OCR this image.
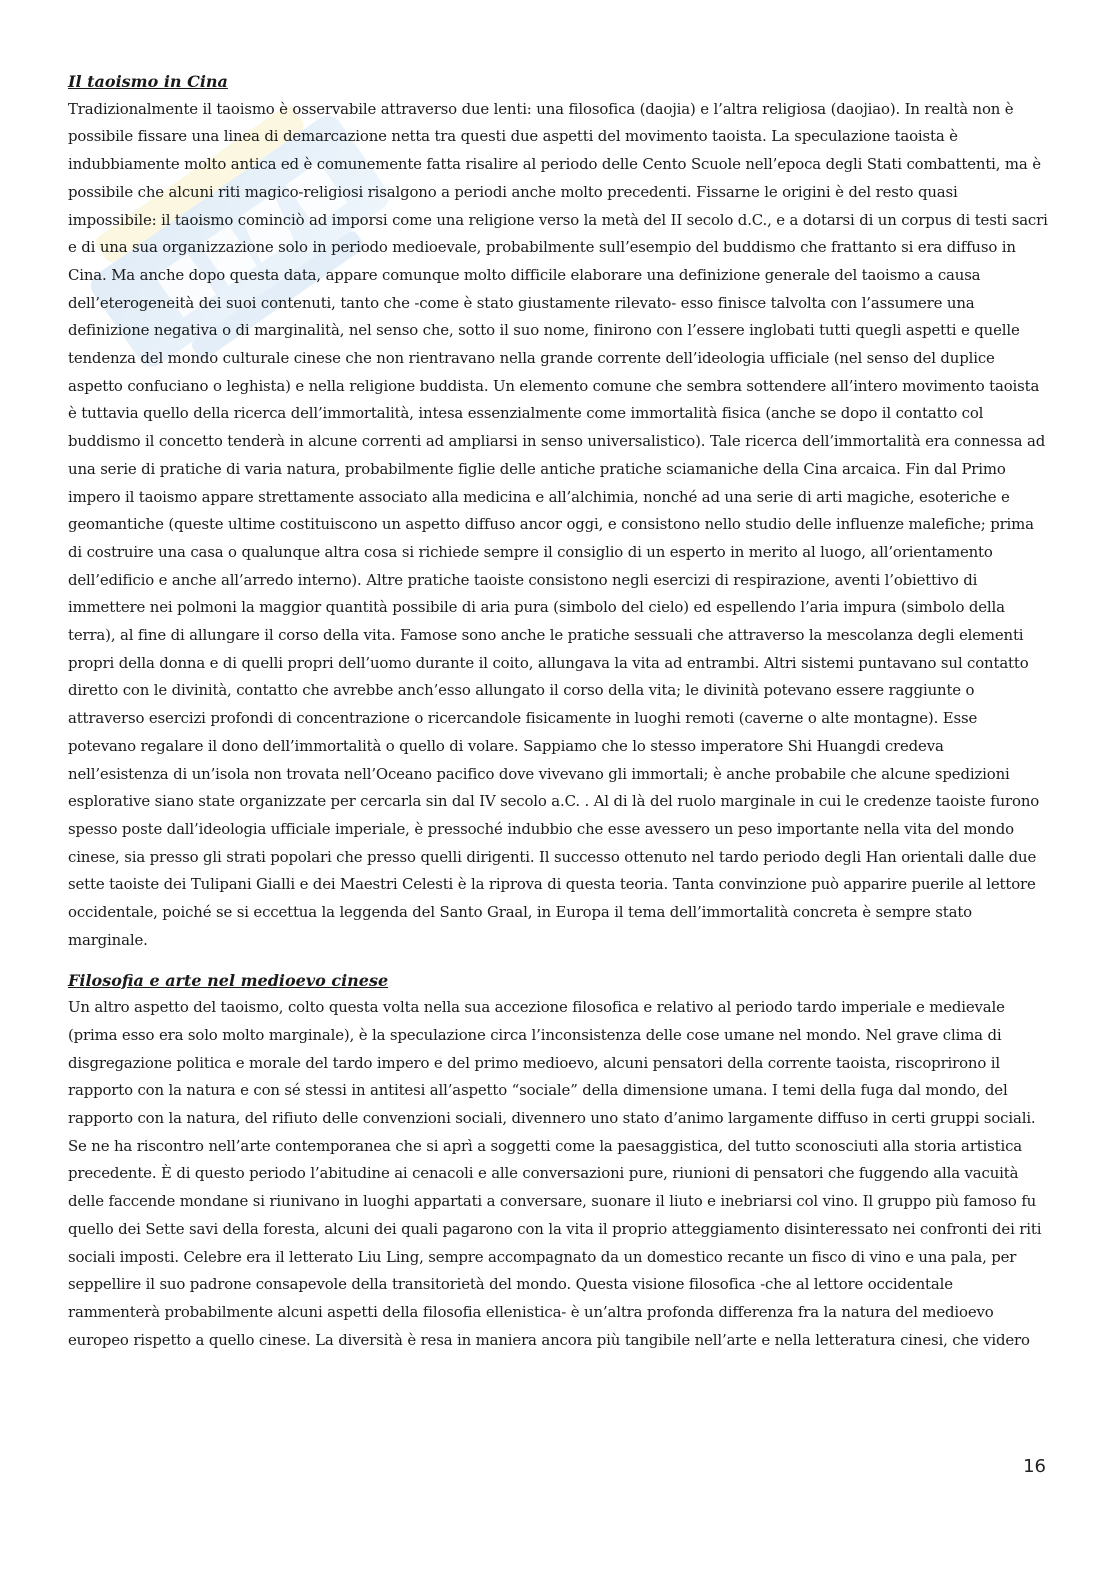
Il taoismo in Cina

Tradizionalmente il taoismo è osservabile attraverso due lenti: una filosofica (daojia) e l’altra religiosa (daojiao). In realtà non è possibile fissare una linea di demarcazione netta tra questi due aspetti del movimento taoista. La speculazione taoista è indubbiamente molto antica ed è comunemente fatta risalire al periodo delle Cento Scuole nell’epoca degli Stati combattenti, ma è possibile che alcuni riti magico-religiosi risalgono a periodi anche molto precedenti. Fissarne le origini è del resto quasi impossibile: il taoismo cominciò ad imporsi come una religione verso la metà del II secolo d.C., e a dotarsi di un corpus di testi sacri e di una sua organizzazione solo in periodo medioevale, probabilmente sull’esempio del buddismo che frattanto si era diffuso in Cina. Ma anche dopo questa data, appare comunque molto difficile elaborare una definizione generale del taoismo a causa dell’eterogeneità dei suoi contenuti, tanto che -come è stato giustamente rilevato- esso finisce talvolta con l’assumere una definizione negativa o di marginalità, nel senso che, sotto il suo nome, finirono con l’essere inglobati tutti quegli aspetti e quelle tendenza del mondo culturale cinese che non rientravano nella grande corrente dell’ideologia ufficiale (nel senso del duplice aspetto confuciano o leghista) e nella religione buddista. Un elemento comune che sembra sottendere all’intero movimento taoista è tuttavia quello della ricerca dell’immortalità, intesa essenzialmente come immortalità fisica (anche se dopo il contatto col buddismo il concetto tenderà in alcune correnti ad ampliarsi in senso universalistico). Tale ricerca dell’immortalità era connessa ad una serie di pratiche di varia natura, probabilmente figlie delle antiche pratiche sciamaniche della Cina arcaica. Fin dal Primo impero il taoismo appare strettamente associato alla medicina e all’alchimia, nonché ad una serie di arti magiche, esoteriche e geomantiche (queste ultime costituiscono un aspetto diffuso ancor oggi, e consistono nello studio delle influenze malefiche; prima di costruire una casa o qualunque altra cosa si richiede sempre il consiglio di un esperto in merito al luogo, all’orientamento dell’edificio e anche all’arredo interno). Altre pratiche taoiste consistono negli esercizi di respirazione, aventi l’obiettivo di immettere nei polmoni la maggior quantità possibile di aria pura (simbolo del cielo) ed espellendo l’aria impura (simbolo della terra), al fine di allungare il corso della vita. Famose sono anche le pratiche sessuali che attraverso la mescolanza degli elementi propri della donna e di quelli propri dell’uomo durante il coito, allungava la vita ad entrambi. Altri sistemi puntavano sul contatto diretto con le divinità, contatto che avrebbe anch’esso allungato il corso della vita; le divinità potevano essere raggiunte o attraverso esercizi profondi di concentrazione o ricercandole fisicamente in luoghi remoti (caverne o alte montagne). Esse potevano regalare il dono dell’immortalità o quello di volare. Sappiamo che lo stesso imperatore Shi Huangdi credeva nell’esistenza di un’isola non trovata nell’Oceano pacifico dove vivevano gli immortali; è anche probabile che alcune spedizioni esplorative siano state organizzate per cercarla sin dal IV secolo a.C. . Al di là del ruolo marginale in cui le credenze taoiste furono spesso poste dall’ideologia ufficiale imperiale, è pressoché indubbio che esse avessero un peso importante nella vita del mondo cinese, sia presso gli strati popolari che presso quelli dirigenti. Il successo ottenuto nel tardo periodo degli Han orientali dalle due sette taoiste dei Tulipani Gialli e dei Maestri Celesti è la riprova di questa teoria. Tanta convinzione può apparire puerile al lettore occidentale, poiché se si eccettua la leggenda del Santo Graal, in Europa il tema dell’immortalità concreta è sempre stato marginale.

Filosofia e arte nel medioevo cinese

Un altro aspetto del taoismo, colto questa volta nella sua accezione filosofica e relativo al periodo tardo imperiale e medievale (prima esso era solo molto marginale), è la speculazione circa l’inconsistenza delle cose umane nel mondo. Nel grave clima di disgregazione politica e morale del tardo impero e del primo medioevo, alcuni pensatori della corrente taoista, riscoprirono il rapporto con la natura e con sé stessi in antitesi all’aspetto “sociale” della dimensione umana. I temi della fuga dal mondo, del rapporto con la natura, del rifiuto delle convenzioni sociali, divennero uno stato d’animo largamente diffuso in certi gruppi sociali. Se ne ha riscontro nell’arte contemporanea che si aprì a soggetti come la paesaggistica, del tutto sconosciuti alla storia artistica precedente. È di questo periodo l’abitudine ai cenacoli e alle conversazioni pure, riunioni di pensatori che fuggendo alla vacuità delle faccende mondane si riunivano in luoghi appartati a conversare, suonare il liuto e inebriarsi col vino. Il gruppo più famoso fu quello dei Sette savi della foresta, alcuni dei quali pagarono con la vita il proprio atteggiamento disinteressato nei confronti dei riti sociali imposti. Celebre era il letterato Liu Ling, sempre accompagnato da un domestico recante un fisco di vino e una pala, per seppellire il suo padrone consapevole della transitorietà del mondo. Questa visione filosofica -che al lettore occidentale rammenterà probabilmente alcuni aspetti della filosofia ellenistica- è un’altra profonda differenza fra la natura del medioevo europeo rispetto a quello cinese. La diversità è resa in maniera ancora più tangibile nell’arte e nella letteratura cinesi, che videro

16
